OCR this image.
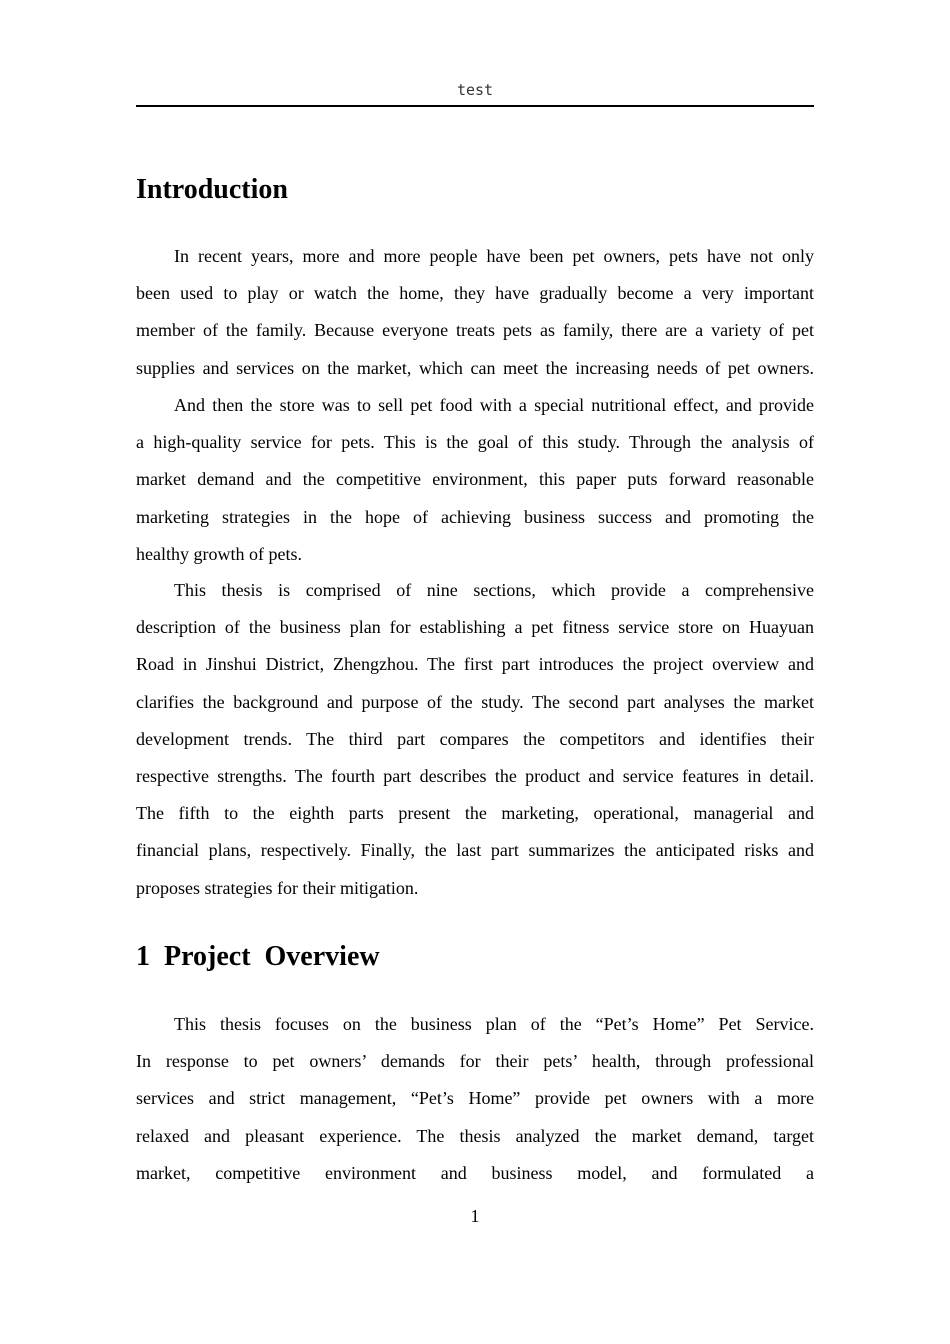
test
Introduction
In recent years, more and more people have been pet owners, pets have not only
been used to play or watch the home, they have gradually become a very important
member of the family. Because everyone treats pets as family, there are a variety of pet
supplies and services on the market, which can meet the increasing needs of pet owners.
And then the store was to sell pet food with a special nutritional effect, and provide
a high-quality service for pets. This is the goal of this study. Through the analysis of
market demand and the competitive environment, this paper puts forward reasonable
marketing strategies in the hope of achieving business success and promoting the
healthy growth of pets.
This thesis is comprised of nine sections, which provide a comprehensive
description of the business plan for establishing a pet fitness service store on Huayuan
Road in Jinshui District, Zhengzhou. The first part introduces the project overview and
clarifies the background and purpose of the study. The second part analyses the market
development trends. The third part compares the competitors and identifies their
respective strengths. The fourth part describes the product and service features in detail.
The fifth to the eighth parts present the marketing, operational, managerial and
financial plans, respectively. Finally, the last part summarizes the anticipated risks and
proposes strategies for their mitigation.
1  Project  Overview
This thesis focuses on the business plan of the “Pet’s Home” Pet Service.
In response to pet owners’ demands for their pets’ health, through professional
services and strict management, “Pet’s Home” provide pet owners with a more
relaxed and pleasant experience. The thesis analyzed the market demand, target
market, competitive environment and business model, and formulated a
1
